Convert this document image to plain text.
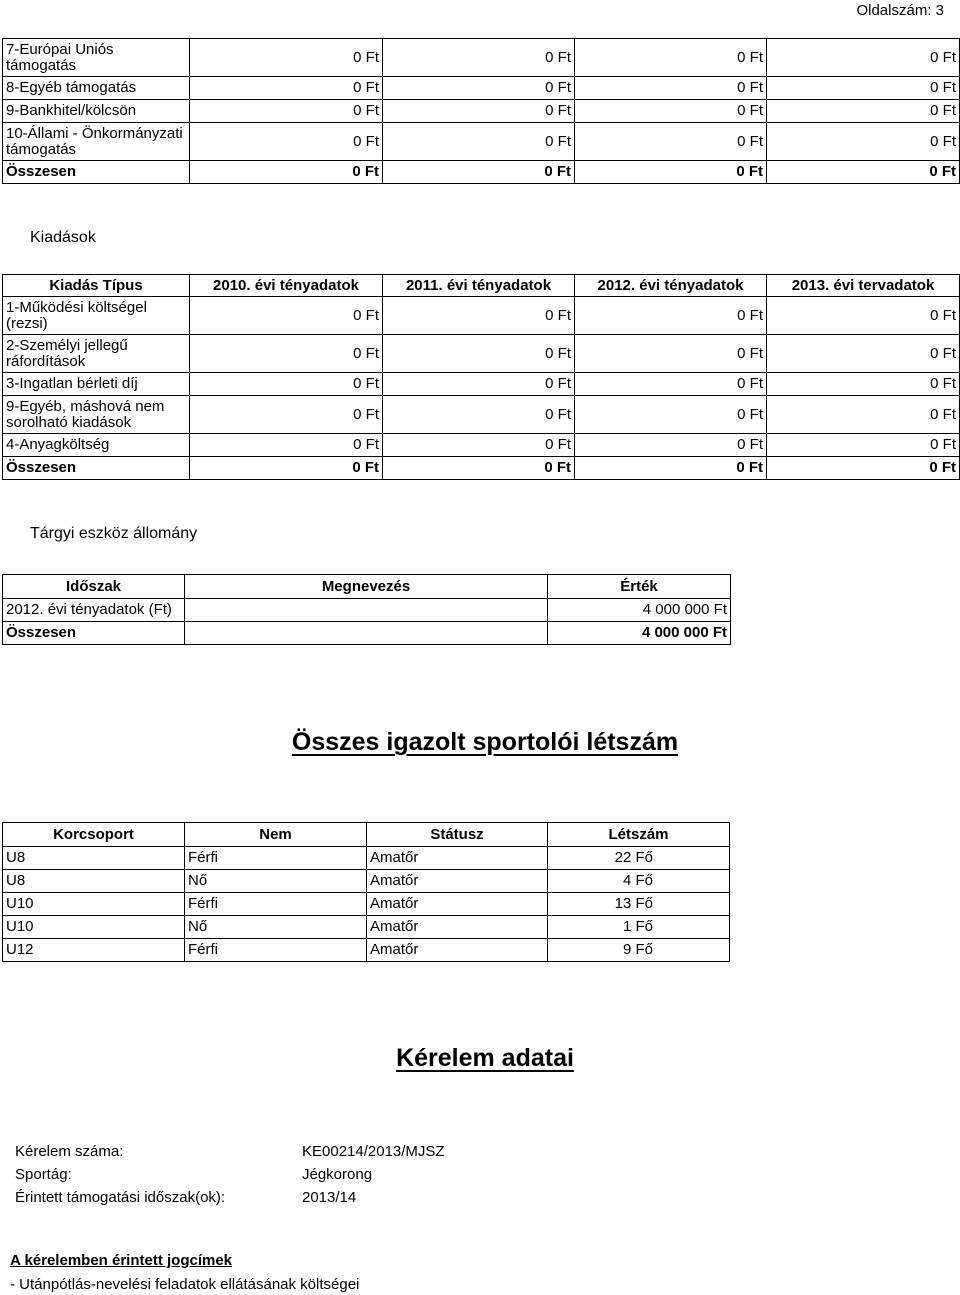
Oldalszám: 3
7-Európai Uniós támogatás	0 Ft	0 Ft	0 Ft	0 Ft
8-Egyéb támogatás	0 Ft	0 Ft	0 Ft	0 Ft
9-Bankhitel/kölcsön	0 Ft	0 Ft	0 Ft	0 Ft
10-Állami - Önkormányzati támogatás	0 Ft	0 Ft	0 Ft	0 Ft
Összesen	0 Ft	0 Ft	0 Ft	0 Ft
Kiadások
Kiadás Típus	2010. évi tényadatok	2011. évi tényadatok	2012. évi tényadatok	2013. évi tervadatok
1-Működési költségel (rezsi)	0 Ft	0 Ft	0 Ft	0 Ft
2-Személyi jellegű ráfordítások	0 Ft	0 Ft	0 Ft	0 Ft
3-Ingatlan bérleti díj	0 Ft	0 Ft	0 Ft	0 Ft
9-Egyéb, máshová nem sorolható kiadások	0 Ft	0 Ft	0 Ft	0 Ft
4-Anyagköltség	0 Ft	0 Ft	0 Ft	0 Ft
Összesen	0 Ft	0 Ft	0 Ft	0 Ft
Tárgyi eszköz állomány
Időszak	Megnevezés	Érték
2012. évi tényadatok (Ft)		4 000 000 Ft
Összesen		4 000 000 Ft
Összes igazolt sportolói létszám
Korcsoport	Nem	Státusz	Létszám
U8	Férfi	Amatőr	22 Fő
U8	Nő	Amatőr	4 Fő
U10	Férfi	Amatőr	13 Fő
U10	Nő	Amatőr	1 Fő
U12	Férfi	Amatőr	9 Fő
Kérelem adatai
Kérelem száma:	KE00214/2013/MJSZ
Sportág:	Jégkorong
Érintett támogatási időszak(ok):	2013/14
A kérelemben érintett jogcímek
- Utánpótlás-nevelési feladatok ellátásának költségei
